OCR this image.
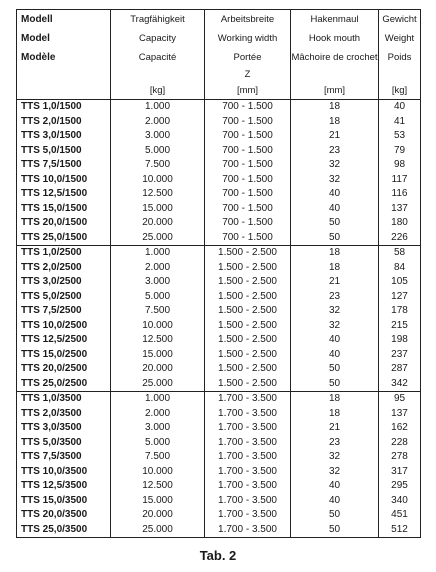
Modell	Tragfähigkeit	Arbeitsbreite	Hakenmaul	Gewicht
Model	Capacity	Working width	Hook mouth	Weight
Modèle	Capacité	Portée	Mâchoire de crochet	Poids
		Z		
	[kg]	[mm]	[mm]	[kg]
TTS 1,0/1500	1.000	700 - 1.500	18	40
TTS 2,0/1500	2.000	700 - 1.500	18	41
TTS 3,0/1500	3.000	700 - 1.500	21	53
TTS 5,0/1500	5.000	700 - 1.500	23	79
TTS 7,5/1500	7.500	700 - 1.500	32	98
TTS 10,0/1500	10.000	700 - 1.500	32	117
TTS 12,5/1500	12.500	700 - 1.500	40	116
TTS 15,0/1500	15.000	700 - 1.500	40	137
TTS 20,0/1500	20.000	700 - 1.500	50	180
TTS 25,0/1500	25.000	700 - 1.500	50	226
TTS 1,0/2500	1.000	1.500 - 2.500	18	58
TTS 2,0/2500	2.000	1.500 - 2.500	18	84
TTS 3,0/2500	3.000	1.500 - 2.500	21	105
TTS 5,0/2500	5.000	1.500 - 2.500	23	127
TTS 7,5/2500	7.500	1.500 - 2.500	32	178
TTS 10,0/2500	10.000	1.500 - 2.500	32	215
TTS 12,5/2500	12.500	1.500 - 2.500	40	198
TTS 15,0/2500	15.000	1.500 - 2.500	40	237
TTS 20,0/2500	20.000	1.500 - 2.500	50	287
TTS 25,0/2500	25.000	1.500 - 2.500	50	342
TTS 1,0/3500	1.000	1.700 - 3.500	18	95
TTS 2,0/3500	2.000	1.700 - 3.500	18	137
TTS 3,0/3500	3.000	1.700 - 3.500	21	162
TTS 5,0/3500	5.000	1.700 - 3.500	23	228
TTS 7,5/3500	7.500	1.700 - 3.500	32	278
TTS 10,0/3500	10.000	1.700 - 3.500	32	317
TTS 12,5/3500	12.500	1.700 - 3.500	40	295
TTS 15,0/3500	15.000	1.700 - 3.500	40	340
TTS 20,0/3500	20.000	1.700 - 3.500	50	451
TTS 25,0/3500	25.000	1.700 - 3.500	50	512
Tab. 2
